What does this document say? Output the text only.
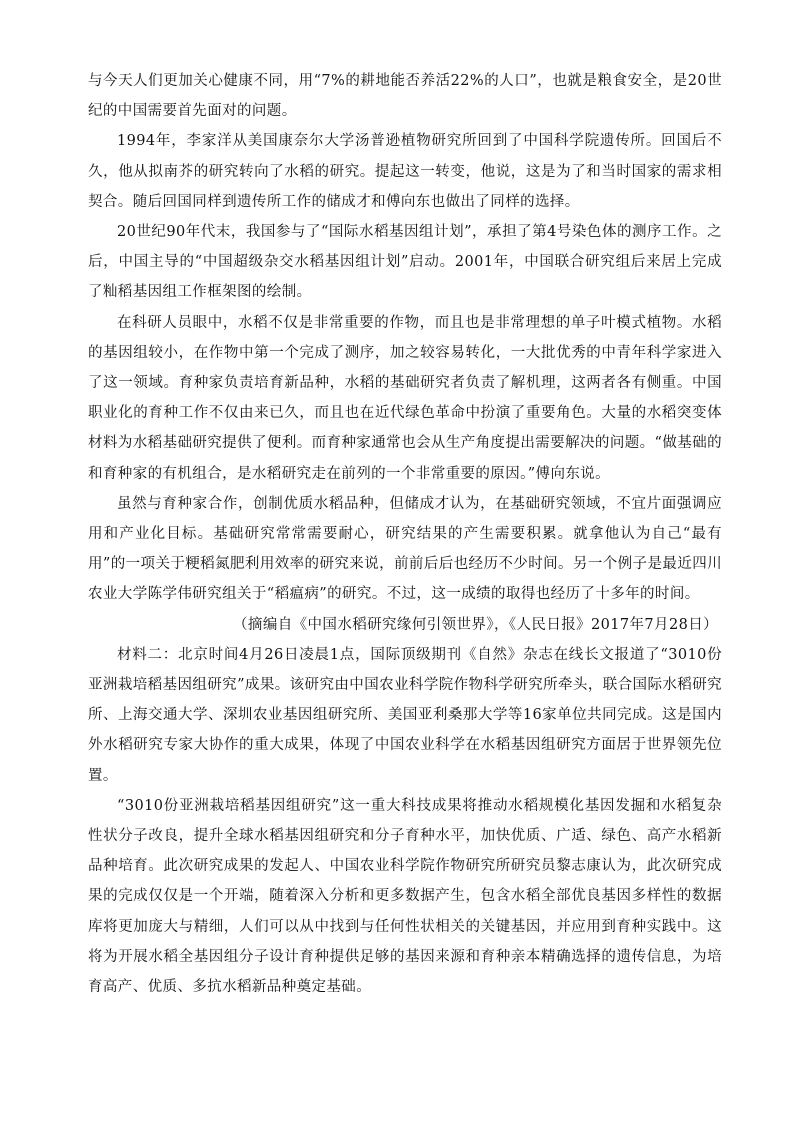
与今天人们更加关心健康不同，用“7%的耕地能否养活22%的人口”，也就是粮食安全，是20世纪的中国需要首先面对的问题。

1994年，李家洋从美国康奈尔大学汤普逊植物研究所回到了中国科学院遗传所。回国后不久，他从拟南芥的研究转向了水稻的研究。提起这一转变，他说，这是为了和当时国家的需求相契合。随后回国同样到遗传所工作的储成才和傅向东也做出了同样的选择。

20世纪90年代末，我国参与了“国际水稻基因组计划”，承担了第4号染色体的测序工作。之后，中国主导的“中国超级杂交水稻基因组计划”启动。2001年，中国联合研究组后来居上完成了籼稻基因组工作框架图的绘制。

在科研人员眼中，水稻不仅是非常重要的作物，而且也是非常理想的单子叶模式植物。水稻的基因组较小，在作物中第一个完成了测序，加之较容易转化，一大批优秀的中青年科学家进入了这一领域。育种家负责培育新品种，水稻的基础研究者负责了解机理，这两者各有侧重。中国职业化的育种工作不仅由来已久，而且也在近代绿色革命中扮演了重要角色。大量的水稻突变体材料为水稻基础研究提供了便利。而育种家通常也会从生产角度提出需要解决的问题。“做基础的和育种家的有机组合，是水稻研究走在前列的一个非常重要的原因。”傅向东说。

虽然与育种家合作，创制优质水稻品种，但储成才认为，在基础研究领域，不宜片面强调应用和产业化目标。基础研究常常需要耐心，研究结果的产生需要积累。就拿他认为自己“最有用”的一项关于粳稻氮肥利用效率的研究来说，前前后后也经历不少时间。另一个例子是最近四川农业大学陈学伟研究组关于“稻瘟病”的研究。不过，这一成绩的取得也经历了十多年的时间。

（摘编自《中国水稻研究缘何引领世界》，《人民日报》2017年7月28日）

材料二：北京时间4月26日凌晨1点，国际顶级期刊《自然》杂志在线长文报道了“3010份亚洲栽培稻基因组研究”成果。该研究由中国农业科学院作物科学研究所牵头，联合国际水稻研究所、上海交通大学、深圳农业基因组研究所、美国亚利桑那大学等16家单位共同完成。这是国内外水稻研究专家大协作的重大成果，体现了中国农业科学在水稻基因组研究方面居于世界领先位置。

“3010份亚洲栽培稻基因组研究”这一重大科技成果将推动水稻规模化基因发掘和水稻复杂性状分子改良，提升全球水稻基因组研究和分子育种水平，加快优质、广适、绿色、高产水稻新品种培育。此次研究成果的发起人、中国农业科学院作物研究所研究员黎志康认为，此次研究成果的完成仅仅是一个开端，随着深入分析和更多数据产生，包含水稻全部优良基因多样性的数据库将更加庞大与精细，人们可以从中找到与任何性状相关的关键基因，并应用到育种实践中。这将为开展水稻全基因组分子设计育种提供足够的基因来源和育种亲本精确选择的遗传信息，为培育高产、优质、多抗水稻新品种奠定基础。
